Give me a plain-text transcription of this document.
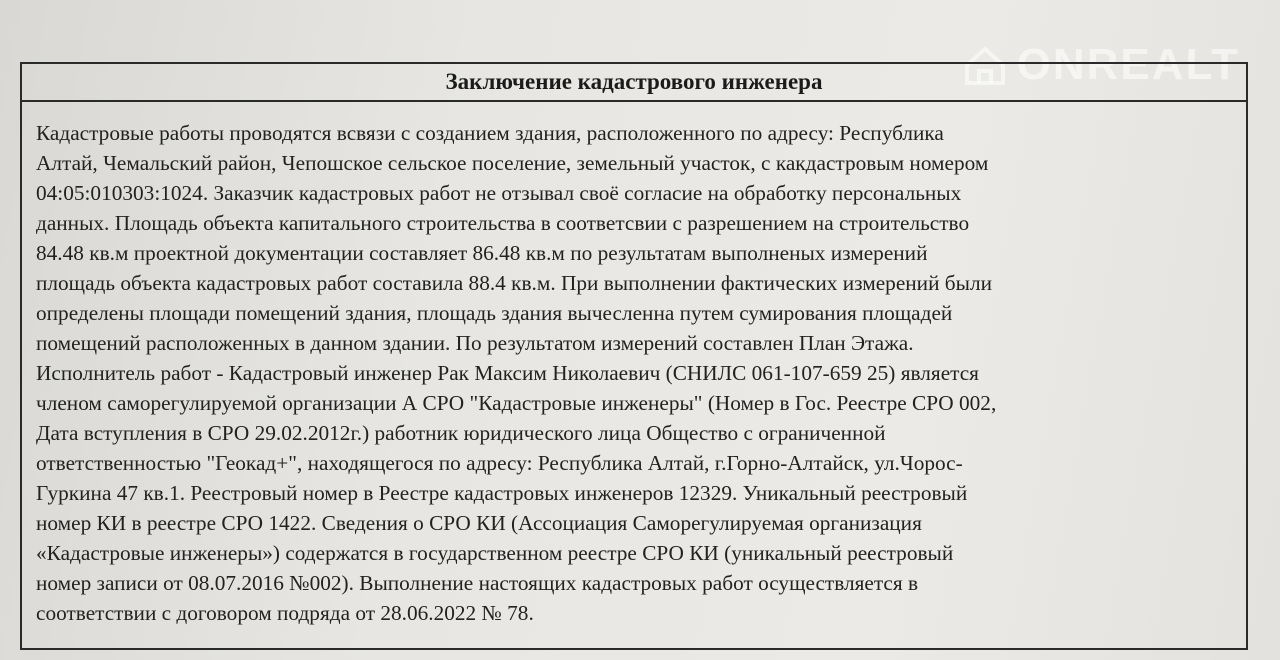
ONREALT
Заключение кадастрового инженера

Кадастровые работы проводятся всвязи с созданием здания, расположенного по адресу: Республика
Алтай, Чемальский район, Чепошское сельское поселение, земельный участок, с какдастровым номером
04:05:010303:1024. Заказчик кадастровых работ не отзывал своё согласие на обработку персональных
данных. Площадь объекта капитального строительства в соответсвии с разрешением на строительство
84.48 кв.м проектной документации составляет 86.48 кв.м по результатам выполненых измерений
площадь объекта кадастровых работ составила 88.4 кв.м. При выполнении фактических измерений были
определены площади помещений здания, площадь здания вычесленна путем сумирования площадей
помещений расположенных в данном здании. По результатом измерений составлен План Этажа.
Исполнитель работ - Кадастровый инженер Рак Максим Николаевич (СНИЛС 061-107-659 25) является
членом саморегулируемой организации А СРО "Кадастровые инженеры" (Номер в Гос. Реестре СРО 002,
Дата вступления в СРО 29.02.2012г.) работник юридического лица Общество с ограниченной
ответственностью "Геокад+", находящегося по адресу: Республика Алтай, г.Горно-Алтайск, ул.Чорос-
Гуркина 47 кв.1. Реестровый номер в Реестре кадастровых инженеров 12329. Уникальный реестровый
номер КИ в реестре СРО 1422. Сведения о СРО КИ (Ассоциация Саморегулируемая организация
«Кадастровые инженеры») содержатся в государственном реестре СРО КИ (уникальный реестровый
номер записи от 08.07.2016 №002). Выполнение настоящих кадастровых работ осуществляется в
соответствии с договором подряда от 28.06.2022 № 78.
